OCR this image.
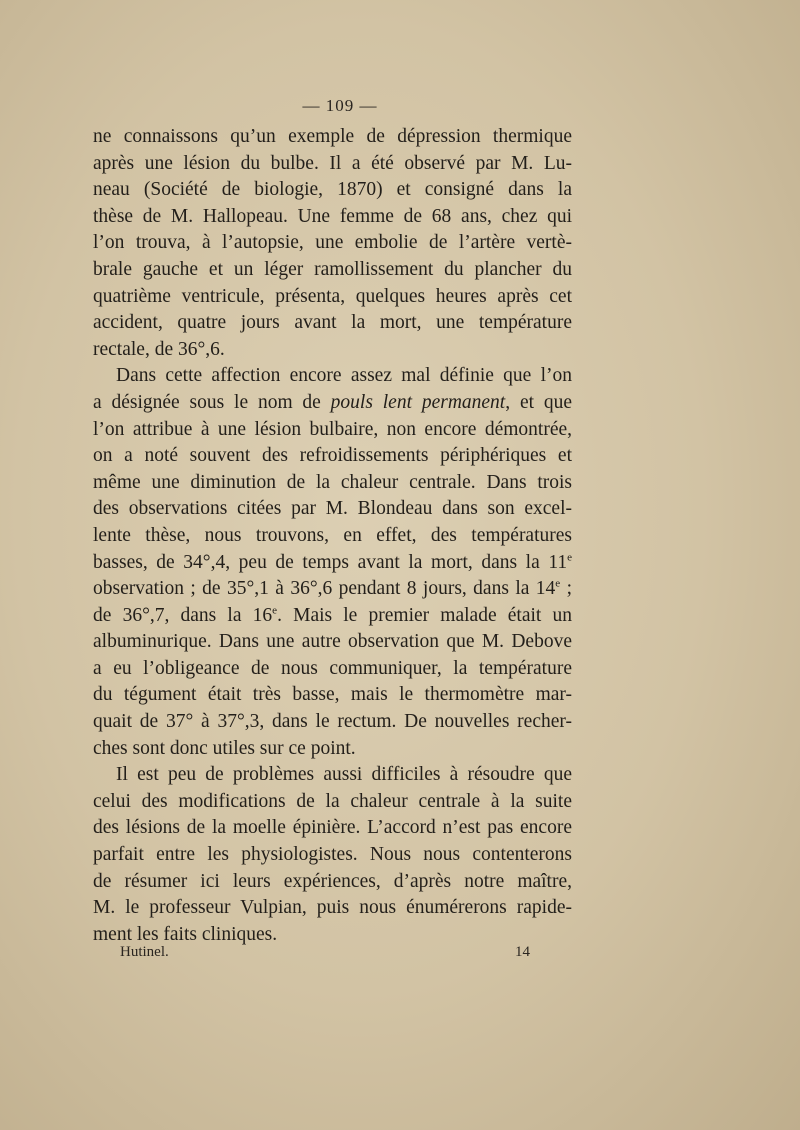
— 109 —
ne connaissons qu’un exemple de dépression thermique
après une lésion du bulbe. Il a été observé par M. Lu-
neau (Société de biologie, 1870) et consigné dans la
thèse de M. Hallopeau. Une femme de 68 ans, chez qui
l’on trouva, à l’autopsie, une embolie de l’artère vertè-
brale gauche et un léger ramollissement du plancher du
quatrième ventricule, présenta, quelques heures après cet
accident, quatre jours avant la mort, une température
rectale, de 36°,6.
Dans cette affection encore assez mal définie que l’on
a désignée sous le nom de pouls lent permanent, et que
l’on attribue à une lésion bulbaire, non encore démontrée,
on a noté souvent des refroidissements périphériques et
même une diminution de la chaleur centrale. Dans trois
des observations citées par M. Blondeau dans son excel-
lente thèse, nous trouvons, en effet, des températures
basses, de 34°,4, peu de temps avant la mort, dans la 11e
observation ; de 35°,1 à 36°,6 pendant 8 jours, dans la 14e ;
de 36°,7, dans la 16e. Mais le premier malade était un
albuminurique. Dans une autre observation que M. Debove
a eu l’obligeance de nous communiquer, la température
du tégument était très basse, mais le thermomètre mar-
quait de 37° à 37°,3, dans le rectum. De nouvelles recher-
ches sont donc utiles sur ce point.
Il est peu de problèmes aussi difficiles à résoudre que
celui des modifications de la chaleur centrale à la suite
des lésions de la moelle épinière. L’accord n’est pas encore
parfait entre les physiologistes. Nous nous contenterons
de résumer ici leurs expériences, d’après notre maître,
M. le professeur Vulpian, puis nous énumérerons rapide-
ment les faits cliniques.
Hutinel.	14
